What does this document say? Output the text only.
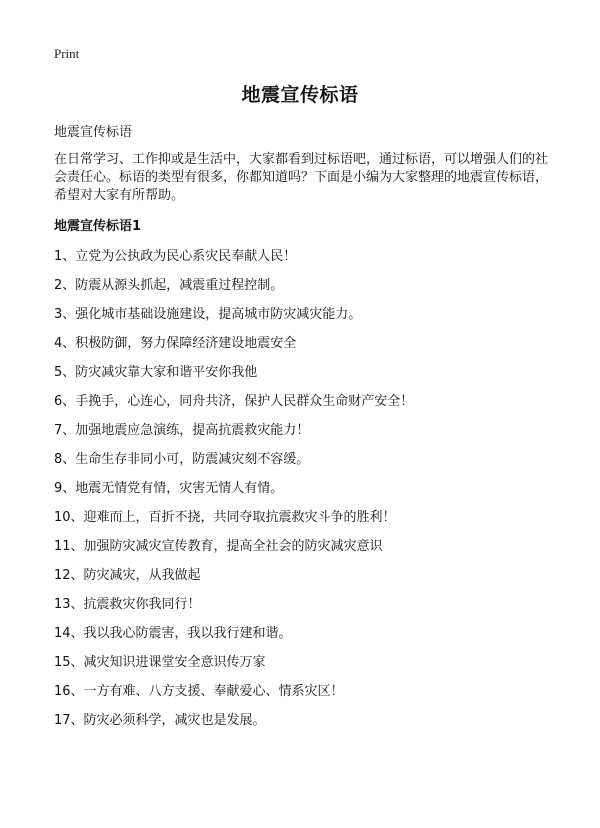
Print
地震宣传标语
地震宣传标语

在日常学习、工作抑或是生活中，大家都看到过标语吧，通过标语，可以增强人们的社会责任心。标语的类型有很多，你都知道吗？下面是小编为大家整理的地震宣传标语，希望对大家有所帮助。

地震宣传标语1
1、立党为公执政为民心系灾民奉献人民！
2、防震从源头抓起，减震重过程控制。
3、强化城市基础设施建设，提高城市防灾减灾能力。
4、积极防御，努力保障经济建设地震安全
5、防灾减灾靠大家和谐平安你我他
6、手挽手，心连心，同舟共济，保护人民群众生命财产安全！
7、加强地震应急演练，提高抗震救灾能力！
8、生命生存非同小可，防震减灾刻不容缓。
9、地震无情党有情，灾害无情人有情。
10、迎难而上，百折不挠，共同夺取抗震救灾斗争的胜利！
11、加强防灾减灾宣传教育，提高全社会的防灾减灾意识
12、防灾减灾，从我做起
13、抗震救灾你我同行！
14、我以我心防震害，我以我行建和谐。
15、减灾知识进课堂安全意识传万家
16、一方有难、八方支援、奉献爱心、情系灾区！
17、防灾必须科学，减灾也是发展。
